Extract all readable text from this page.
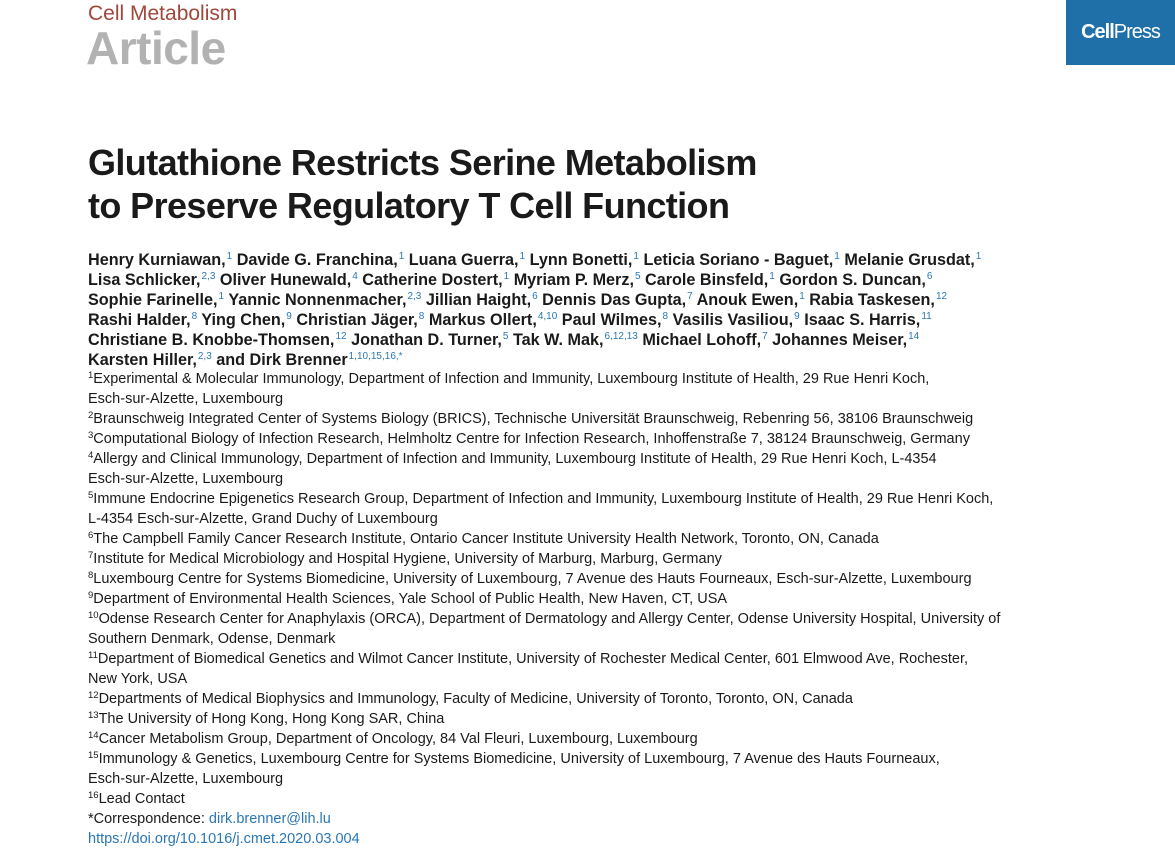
Cell Metabolism
Article	Cell Press
Glutathione Restricts Serine Metabolism
to Preserve Regulatory T Cell Function
Henry Kurniawan,$^1$ Davide G. Franchina,$^1$ Luana Guerra,$^1$ Lynn Bonetti,$^1$ Leticia Soriano - Baguet,$^1$ Melanie Grusdat,$^1$
Lisa Schlicker,$^{2,3}$ Oliver Hunewald,$^4$ Catherine Dostert,$^1$ Myriam P. Merz,$^5$ Carole Binsfeld,$^1$ Gordon S. Duncan,$^6$
Sophie Farinelle,$^1$ Yannic Nonnenmacher,$^{2,3}$ Jillian Haight,$^6$ Dennis Das Gupta,$^7$ Anouk Ewen,$^1$ Rabia Taskesen,$^{12}$
Rashi Halder,$^8$ Ying Chen,$^9$ Christian Jäger,$^8$ Markus Ollert,$^{4,10}$ Paul Wilmes,$^8$ Vasilis Vasiliou,$^9$ Isaac S. Harris,$^{11}$
Christiane B. Knobbe-Thomsen,$^{12}$ Jonathan D. Turner,$^5$ Tak W. Mak,$^{6,12,13}$ Michael Lohoff,$^7$ Johannes Meiser,$^{14}$
Karsten Hiller,$^{2,3}$ and Dirk Brenner$^{1,10,15,16,*}$
$^1$Experimental & Molecular Immunology, Department of Infection and Immunity, Luxembourg Institute of Health, 29 Rue Henri Koch,
Esch-sur-Alzette, Luxembourg
$^2$Braunschweig Integrated Center of Systems Biology (BRICS), Technische Universität Braunschweig, Rebenring 56, 38106 Braunschweig
$^3$Computational Biology of Infection Research, Helmholtz Centre for Infection Research, Inhoffenstraße 7, 38124 Braunschweig, Germany
$^4$Allergy and Clinical Immunology, Department of Infection and Immunity, Luxembourg Institute of Health, 29 Rue Henri Koch, L-4354
Esch-sur-Alzette, Luxembourg
$^5$Immune Endocrine Epigenetics Research Group, Department of Infection and Immunity, Luxembourg Institute of Health, 29 Rue Henri Koch,
L-4354 Esch-sur-Alzette, Grand Duchy of Luxembourg
$^6$The Campbell Family Cancer Research Institute, Ontario Cancer Institute University Health Network, Toronto, ON, Canada
$^7$Institute for Medical Microbiology and Hospital Hygiene, University of Marburg, Marburg, Germany
$^8$Luxembourg Centre for Systems Biomedicine, University of Luxembourg, 7 Avenue des Hauts Fourneaux, Esch-sur-Alzette, Luxembourg
$^9$Department of Environmental Health Sciences, Yale School of Public Health, New Haven, CT, USA
$^{10}$Odense Research Center for Anaphylaxis (ORCA), Department of Dermatology and Allergy Center, Odense University Hospital, University of
Southern Denmark, Odense, Denmark
$^{11}$Department of Biomedical Genetics and Wilmot Cancer Institute, University of Rochester Medical Center, 601 Elmwood Ave, Rochester,
New York, USA
$^{12}$Departments of Medical Biophysics and Immunology, Faculty of Medicine, University of Toronto, Toronto, ON, Canada
$^{13}$The University of Hong Kong, Hong Kong SAR, China
$^{14}$Cancer Metabolism Group, Department of Oncology, 84 Val Fleuri, Luxembourg, Luxembourg
$^{15}$Immunology & Genetics, Luxembourg Centre for Systems Biomedicine, University of Luxembourg, 7 Avenue des Hauts Fourneaux,
Esch-sur-Alzette, Luxembourg
$^{16}$Lead Contact
*Correspondence: dirk.brenner@lih.lu
https://doi.org/10.1016/j.cmet.2020.03.004
